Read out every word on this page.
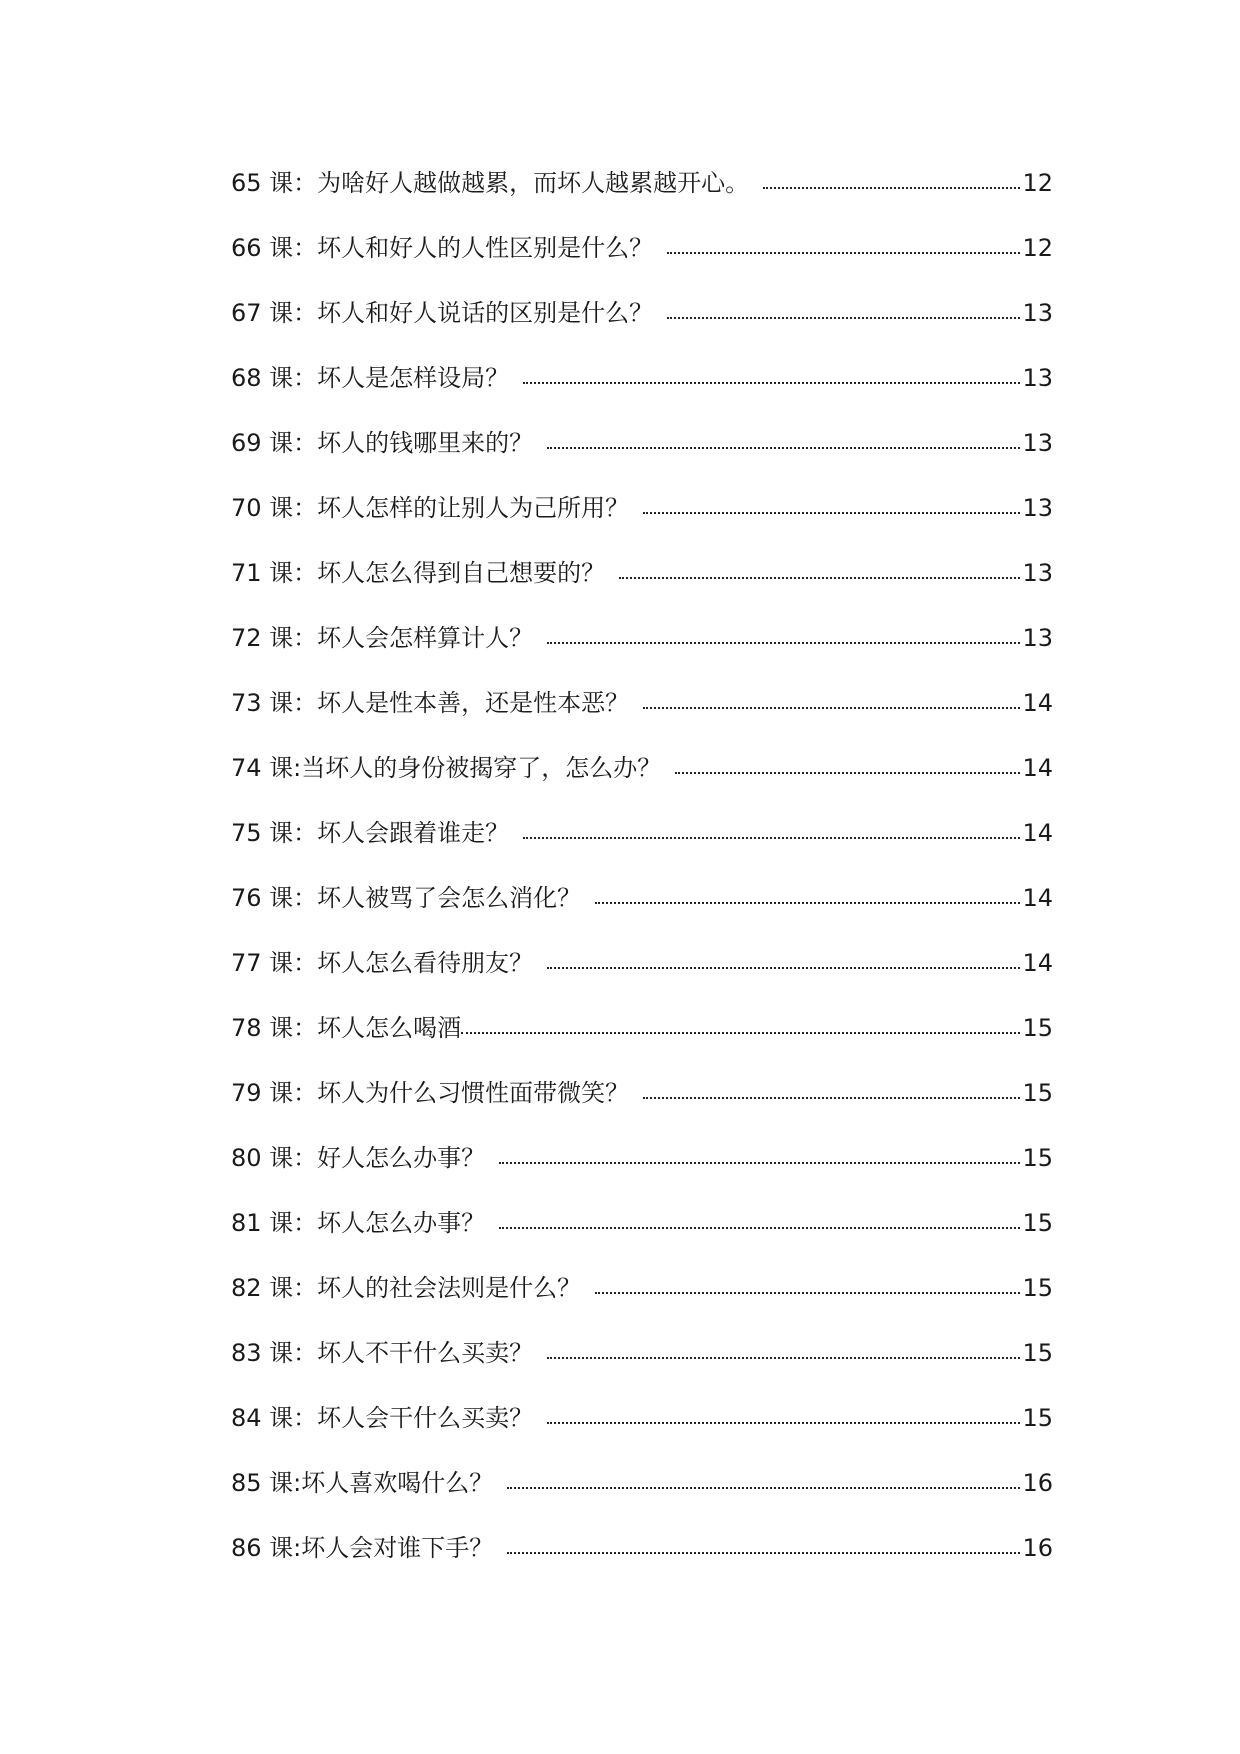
65 课：为啥好人越做越累，而坏人越累越开心。	12
66 课：坏人和好人的人性区别是什么？	12
67 课：坏人和好人说话的区别是什么？	13
68 课：坏人是怎样设局？	13
69 课：坏人的钱哪里来的？	13
70 课：坏人怎样的让别人为己所用？	13
71 课：坏人怎么得到自己想要的？	13
72 课：坏人会怎样算计人？	13
73 课：坏人是性本善，还是性本恶？	14
74 课:当坏人的身份被揭穿了，怎么办？	14
75 课：坏人会跟着谁走？	14
76 课：坏人被骂了会怎么消化？	14
77 课：坏人怎么看待朋友？	14
78 课：坏人怎么喝酒	15
79 课：坏人为什么习惯性面带微笑？	15
80 课：好人怎么办事？	15
81 课：坏人怎么办事？	15
82 课：坏人的社会法则是什么？	15
83 课：坏人不干什么买卖？	15
84 课：坏人会干什么买卖？	15
85 课:坏人喜欢喝什么？	16
86 课:坏人会对谁下手？	16
